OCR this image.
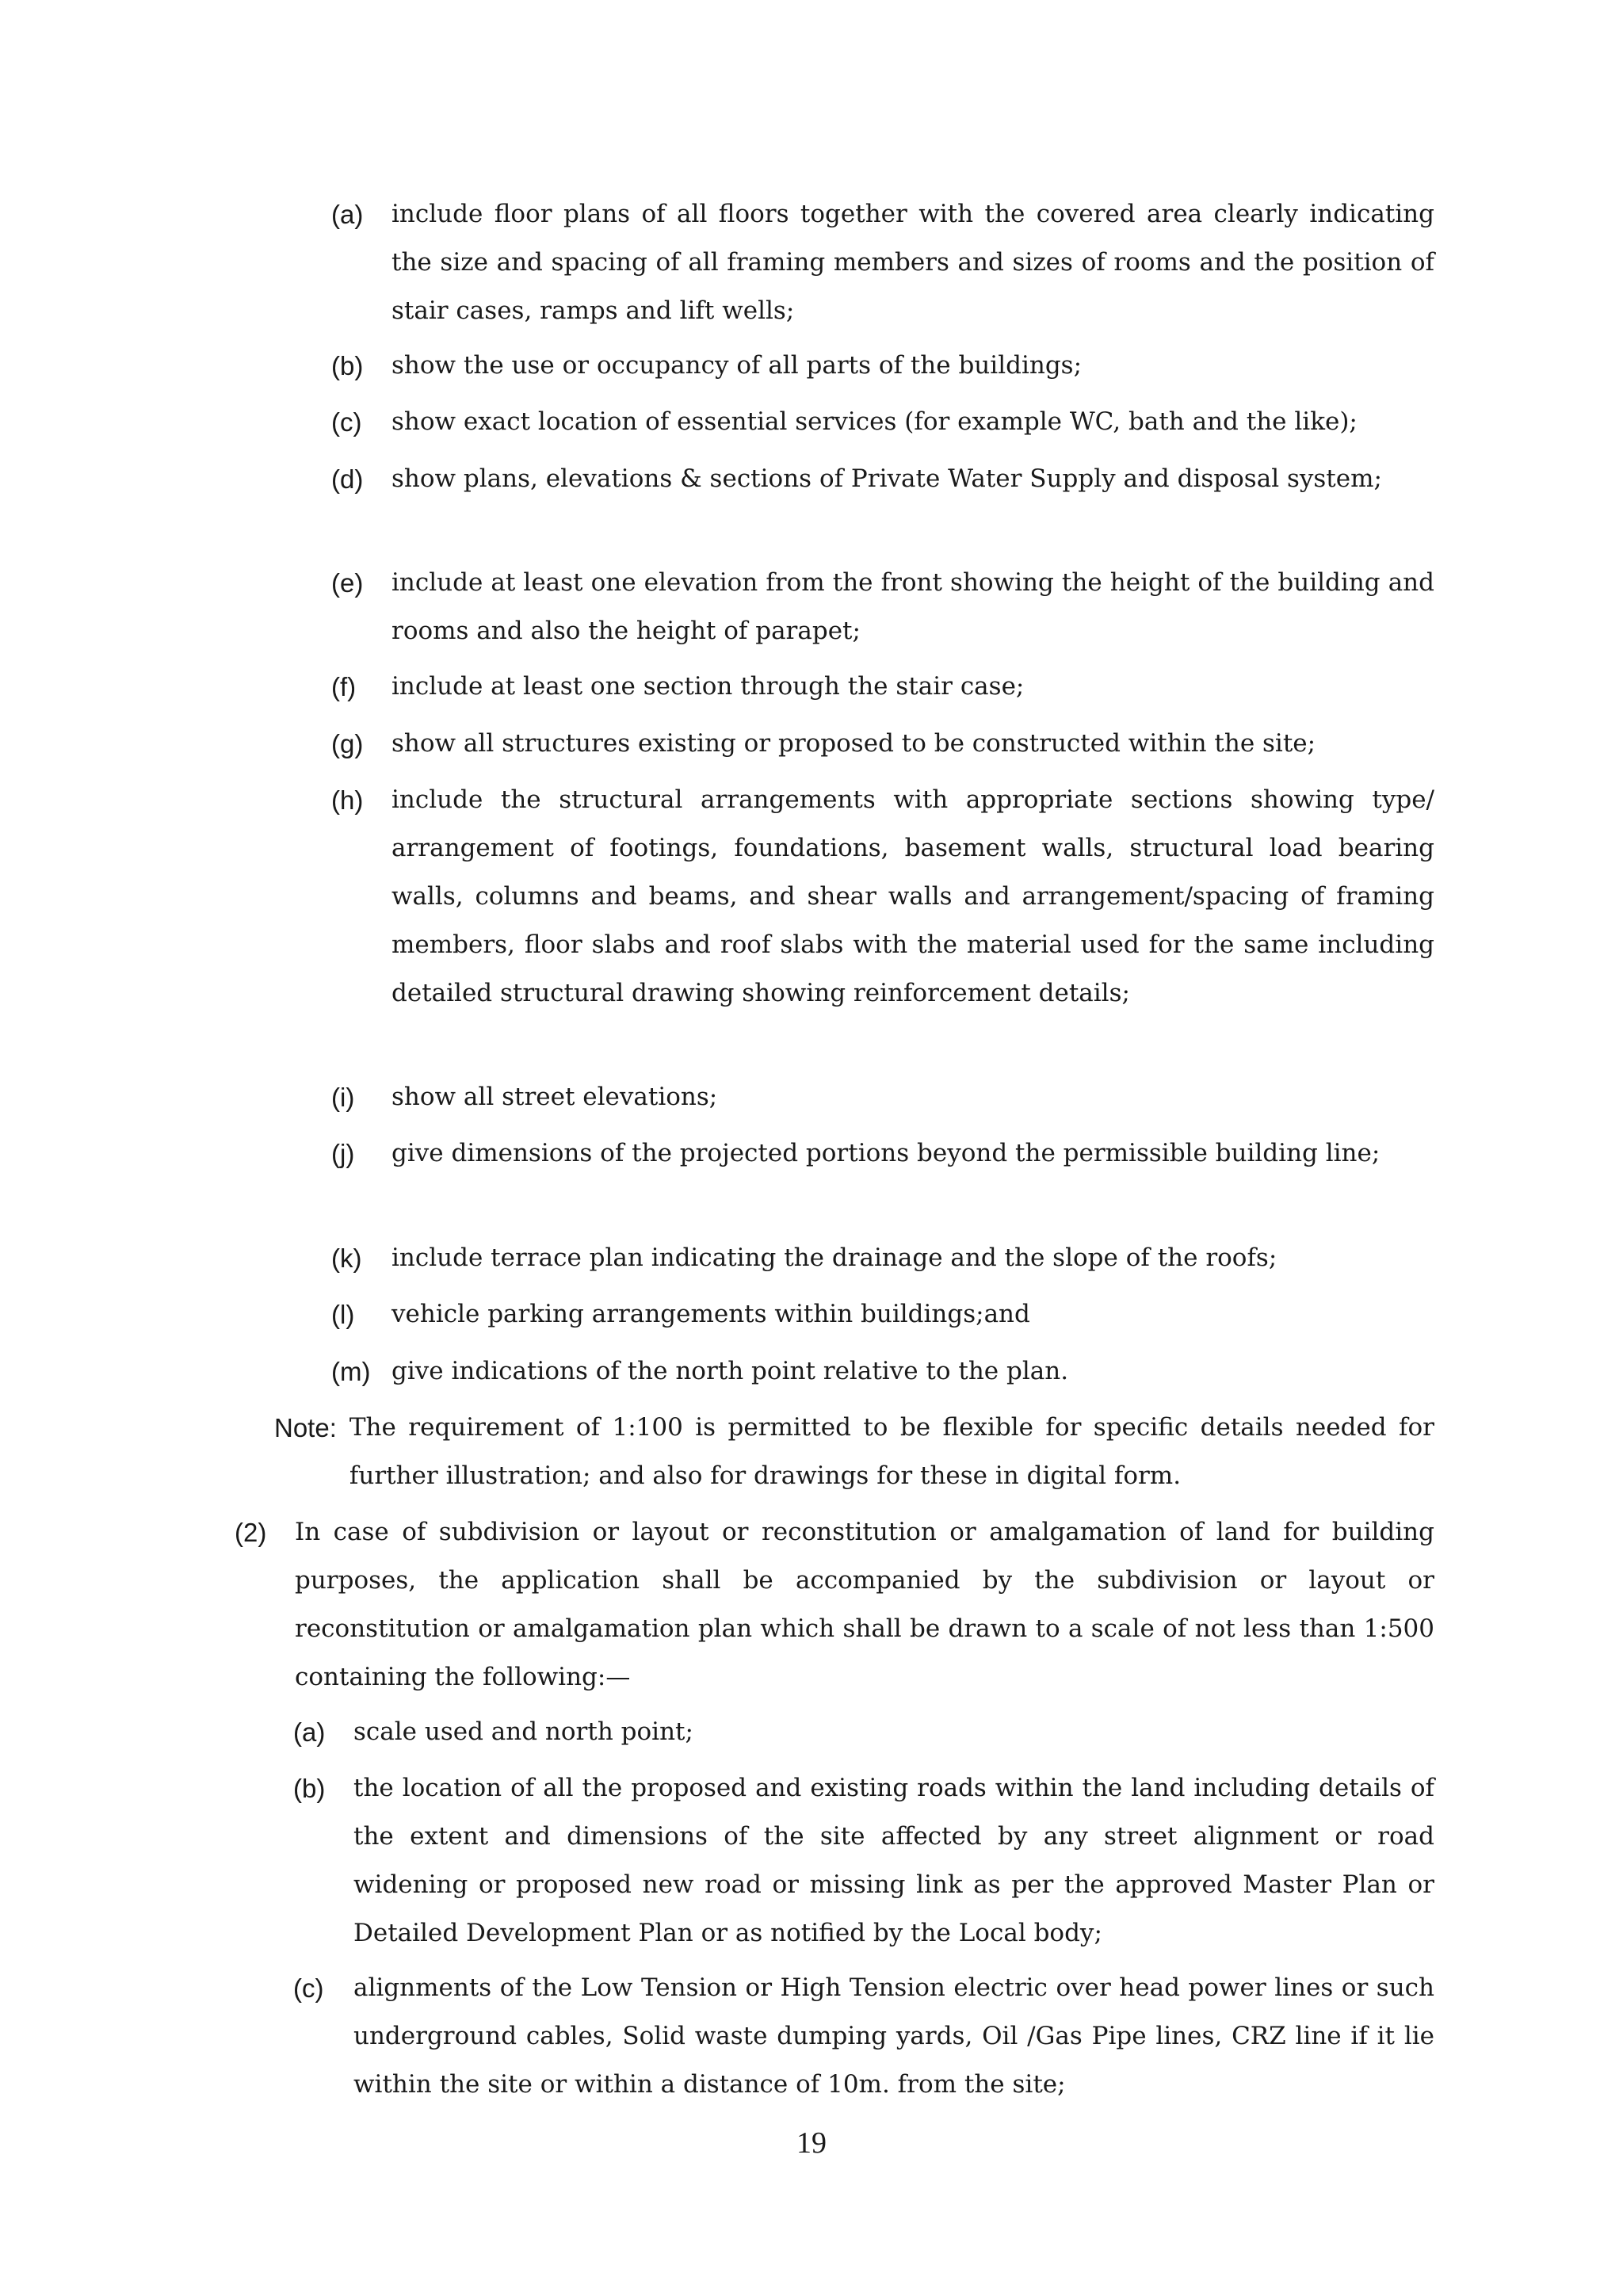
(a)	include floor plans of all floors together with the covered area clearly indicating the size and spacing of all framing members and sizes of rooms and the position of stair cases, ramps and lift wells;
(b)	show the use or occupancy of all parts of the buildings;
(c)	show exact location of essential services (for example WC, bath and the like);
(d)	show plans, elevations & sections of Private Water Supply and disposal system;
(e)	include at least one elevation from the front showing the height of the building and rooms and also the height of parapet;
(f)	include at least one section through the stair case;
(g)	show all structures existing or proposed to be constructed within the site;
(h)	include the structural arrangements with appropriate sections showing type/ arrangement of footings, foundations, basement walls, structural load bearing walls, columns and beams, and shear walls and arrangement/spacing of framing members, floor slabs and roof slabs with the material used for the same including detailed structural drawing showing reinforcement details;
(i)	show all street elevations;
(j)	give dimensions of the projected portions beyond the permissible building line;
(k)	include terrace plan indicating the drainage and the slope of the roofs;
(l)	vehicle parking arrangements within buildings;and
(m) give indications of the north point relative to the plan.
Note: The requirement of 1:100 is permitted to be flexible for specific details needed for further illustration; and also for drawings for these in digital form.
(2)	In case of subdivision or layout or reconstitution or amalgamation of land for building purposes, the application shall be accompanied by the subdivision or layout or reconstitution or amalgamation plan which shall be drawn to a scale of not less than 1:500 containing the following:—
(a)	scale used and north point;
(b)	the location of all the proposed and existing roads within the land including details of the extent and dimensions of the site affected by any street alignment or road widening or proposed new road or missing link as per the approved Master Plan or Detailed Development Plan or as notified by the Local body;
(c)	alignments of the Low Tension or High Tension electric over head power lines or such underground cables, Solid waste dumping yards, Oil /Gas Pipe lines, CRZ line if it lie within the site or within a distance of 10m. from the site;
19
